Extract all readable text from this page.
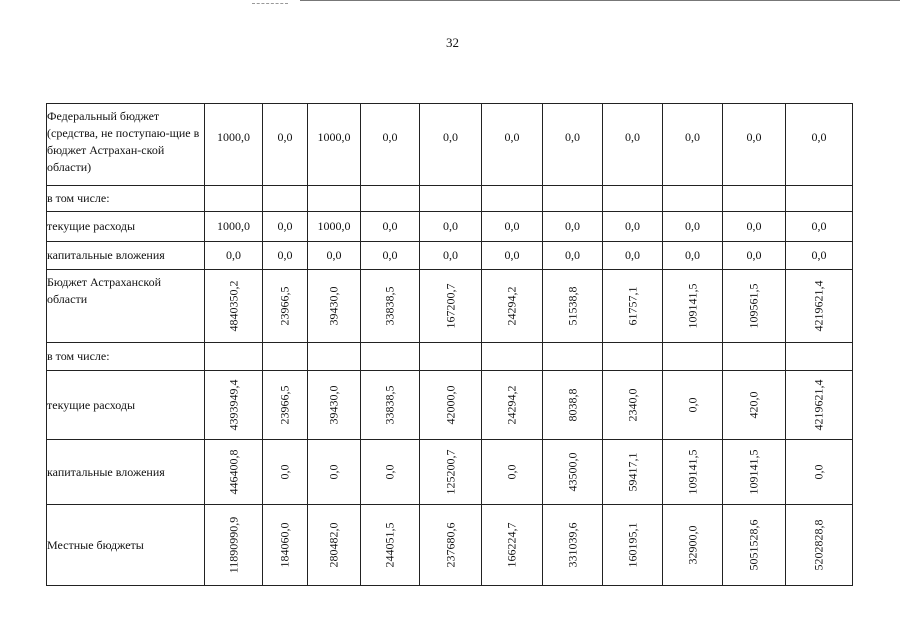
32
Федеральный бюджет (средства, не поступаю-щие в бюджет Астрахан-ской области)	1000,0	0,0	1000,0	0,0	0,0	0,0	0,0	0,0	0,0	0,0	0,0
в том числе:											
текущие расходы	1000,0	0,0	1000,0	0,0	0,0	0,0	0,0	0,0	0,0	0,0	0,0
капитальные вложения	0,0	0,0	0,0	0,0	0,0	0,0	0,0	0,0	0,0	0,0	0,0
Бюджет Астраханской области	4840350,2	23966,5	39430,0	33838,5	167200,7	24294,2	51538,8	61757,1	109141,5	109561,5	4219621,4

в том числе:											
текущие расходы	4393949,4	23966,5	39430,0	33838,5	42000,0	24294,2	8038,8	2340,0	0,0	420,0	4219621,4

капитальные вложения	446400,8	0,0	0,0	0,0	125200,7	0,0	43500,0	59417,1	109141,5	109141,5	0,0

Местные бюджеты	11890990,9	184060,0	280482,0	244051,5	237680,6	166224,7	331039,6	160195,1	32900,0	5051528,6	5202828,8
